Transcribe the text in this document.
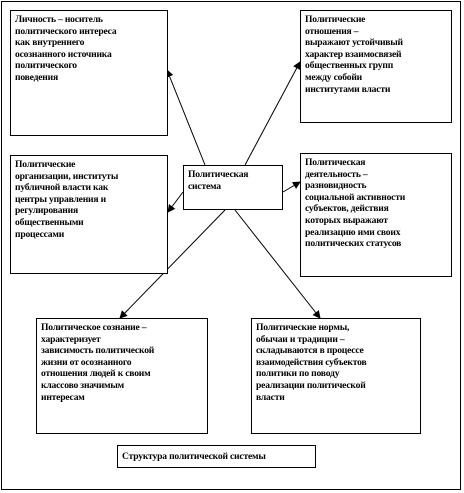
Личность – носитель
политического интереса
как внутреннего
осознанного источника
политического
поведения
Политические
отношения –
выражают устойчивый
характер взаимосвязей
общественных групп
между собойи
институтами власти
Политические
организации, институты
публичной власти как
центры управления и
регулирования
общественными
процессами
Политическая
деятельность –
разновидность
социальной активности
субъектов, действия
которых выражают
реализацию ими своих
политических статусов
Политическая
система
Политическое сознание –
характеризует
зависимость политической
жизни от осознанного
отношения людей к своим
классово значимым
интересам
Политические нормы,
обычаи и традиции –
складываются в процессе
взаимодействия субъектов
политики по поводу
реализации политической
власти
Структура политической системы
